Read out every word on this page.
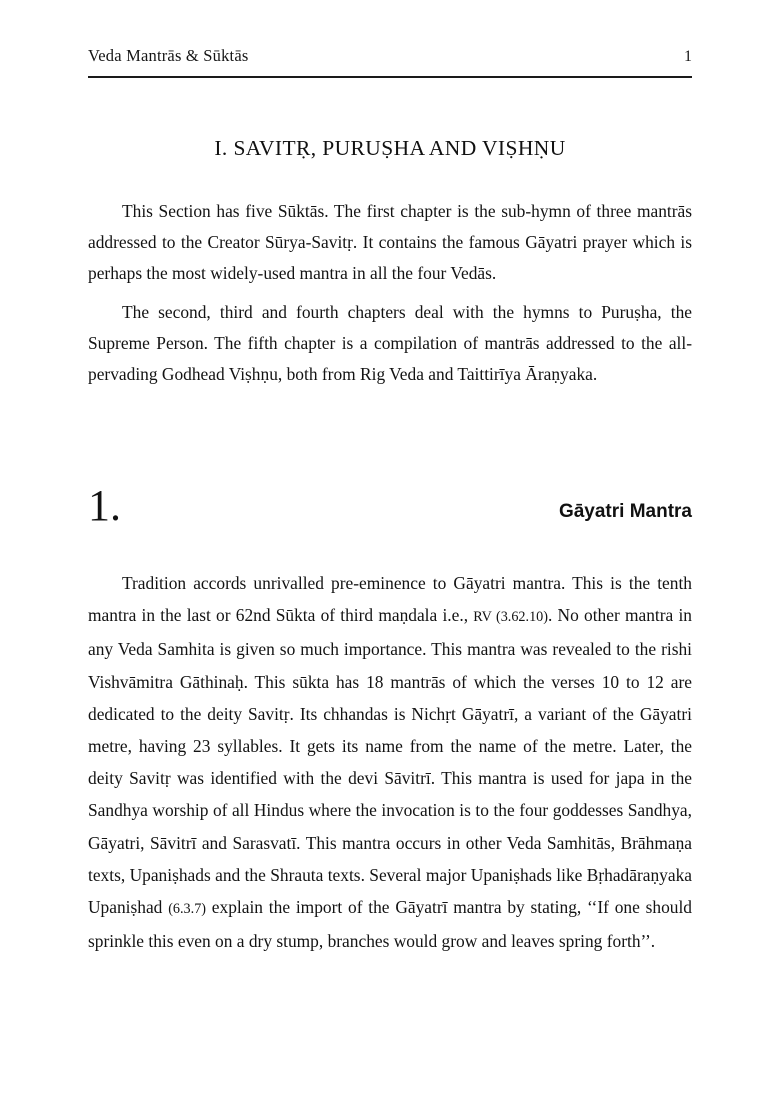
Veda Mantrās & Sūktās	1
I. SAVITṚ, PURUṢHA AND VIṢHṆU

This Section has five Sūktās. The first chapter is the sub-hymn of three mantrās addressed to the Creator Sūrya-Savitṛ. It contains the famous Gāyatri prayer which is perhaps the most widely-used mantra in all the four Vedās.

The second, third and fourth chapters deal with the hymns to Puruṣha, the Supreme Person. The fifth chapter is a compilation of mantrās addressed to the all-pervading Godhead Viṣhṇu, both from Rig Veda and Taittirīya Āraṇyaka.

1.	Gāyatri Mantra

Tradition accords unrivalled pre-eminence to Gāyatri mantra. This is the tenth mantra in the last or 62nd Sūkta of third maṇdala i.e., RV (3.62.10). No other mantra in any Veda Samhita is given so much importance. This mantra was revealed to the rishi Vishvāmitra Gāthinaḥ. This sūkta has 18 mantrās of which the verses 10 to 12 are dedicated to the deity Savitṛ. Its chhandas is Nichṛt Gāyatrī, a variant of the Gāyatri metre, having 23 syllables. It gets its name from the name of the metre. Later, the deity Savitṛ was identified with the devi Sāvitrī. This mantra is used for japa in the Sandhya worship of all Hindus where the invocation is to the four goddesses Sandhya, Gāyatri, Sāvitrī and Sarasvatī. This mantra occurs in other Veda Samhitās, Brāhmaṇa texts, Upaniṣhads and the Shrauta texts. Several major Upaniṣhads like Bṛhadāraṇyaka Upaniṣhad (6.3.7) explain the import of the Gāyatrī mantra by stating, ‘‘If one should sprinkle this even on a dry stump, branches would grow and leaves spring forth’’.
